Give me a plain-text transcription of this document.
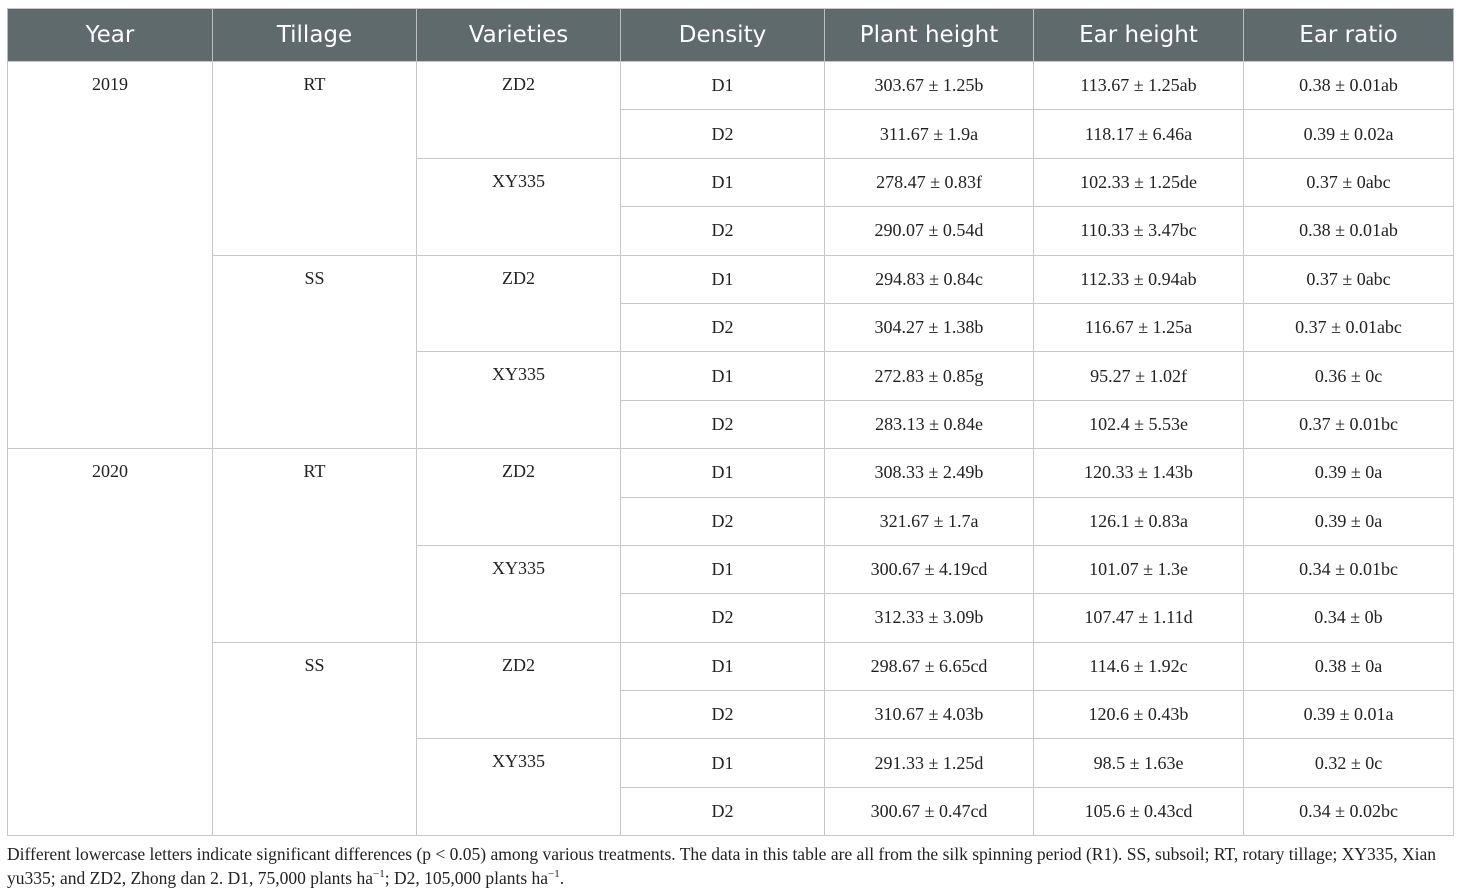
Year	Tillage	Varieties	Density	Plant height	Ear height	Ear ratio
2019	RT	ZD2	D1	303.67 ± 1.25b	113.67 ± 1.25ab	0.38 ± 0.01ab
			D2	311.67 ± 1.9a	118.17 ± 6.46a	0.39 ± 0.02a
		XY335	D1	278.47 ± 0.83f	102.33 ± 1.25de	0.37 ± 0abc
			D2	290.07 ± 0.54d	110.33 ± 3.47bc	0.38 ± 0.01ab
	SS	ZD2	D1	294.83 ± 0.84c	112.33 ± 0.94ab	0.37 ± 0abc
			D2	304.27 ± 1.38b	116.67 ± 1.25a	0.37 ± 0.01abc
		XY335	D1	272.83 ± 0.85g	95.27 ± 1.02f	0.36 ± 0c
			D2	283.13 ± 0.84e	102.4 ± 5.53e	0.37 ± 0.01bc
2020	RT	ZD2	D1	308.33 ± 2.49b	120.33 ± 1.43b	0.39 ± 0a
			D2	321.67 ± 1.7a	126.1 ± 0.83a	0.39 ± 0a
		XY335	D1	300.67 ± 4.19cd	101.07 ± 1.3e	0.34 ± 0.01bc
			D2	312.33 ± 3.09b	107.47 ± 1.11d	0.34 ± 0b
	SS	ZD2	D1	298.67 ± 6.65cd	114.6 ± 1.92c	0.38 ± 0a
			D2	310.67 ± 4.03b	120.6 ± 0.43b	0.39 ± 0.01a
		XY335	D1	291.33 ± 1.25d	98.5 ± 1.63e	0.32 ± 0c
			D2	300.67 ± 0.47cd	105.6 ± 0.43cd	0.34 ± 0.02bc
Different lowercase letters indicate significant differences (p < 0.05) among various treatments. The data in this table are all from the silk spinning period (R1). SS, subsoil; RT, rotary tillage; XY335, Xian yu335; and ZD2, Zhong dan 2. D1, 75,000 plants $ha^{-1}$; D2, 105,000 plants $ha^{-1}$.
